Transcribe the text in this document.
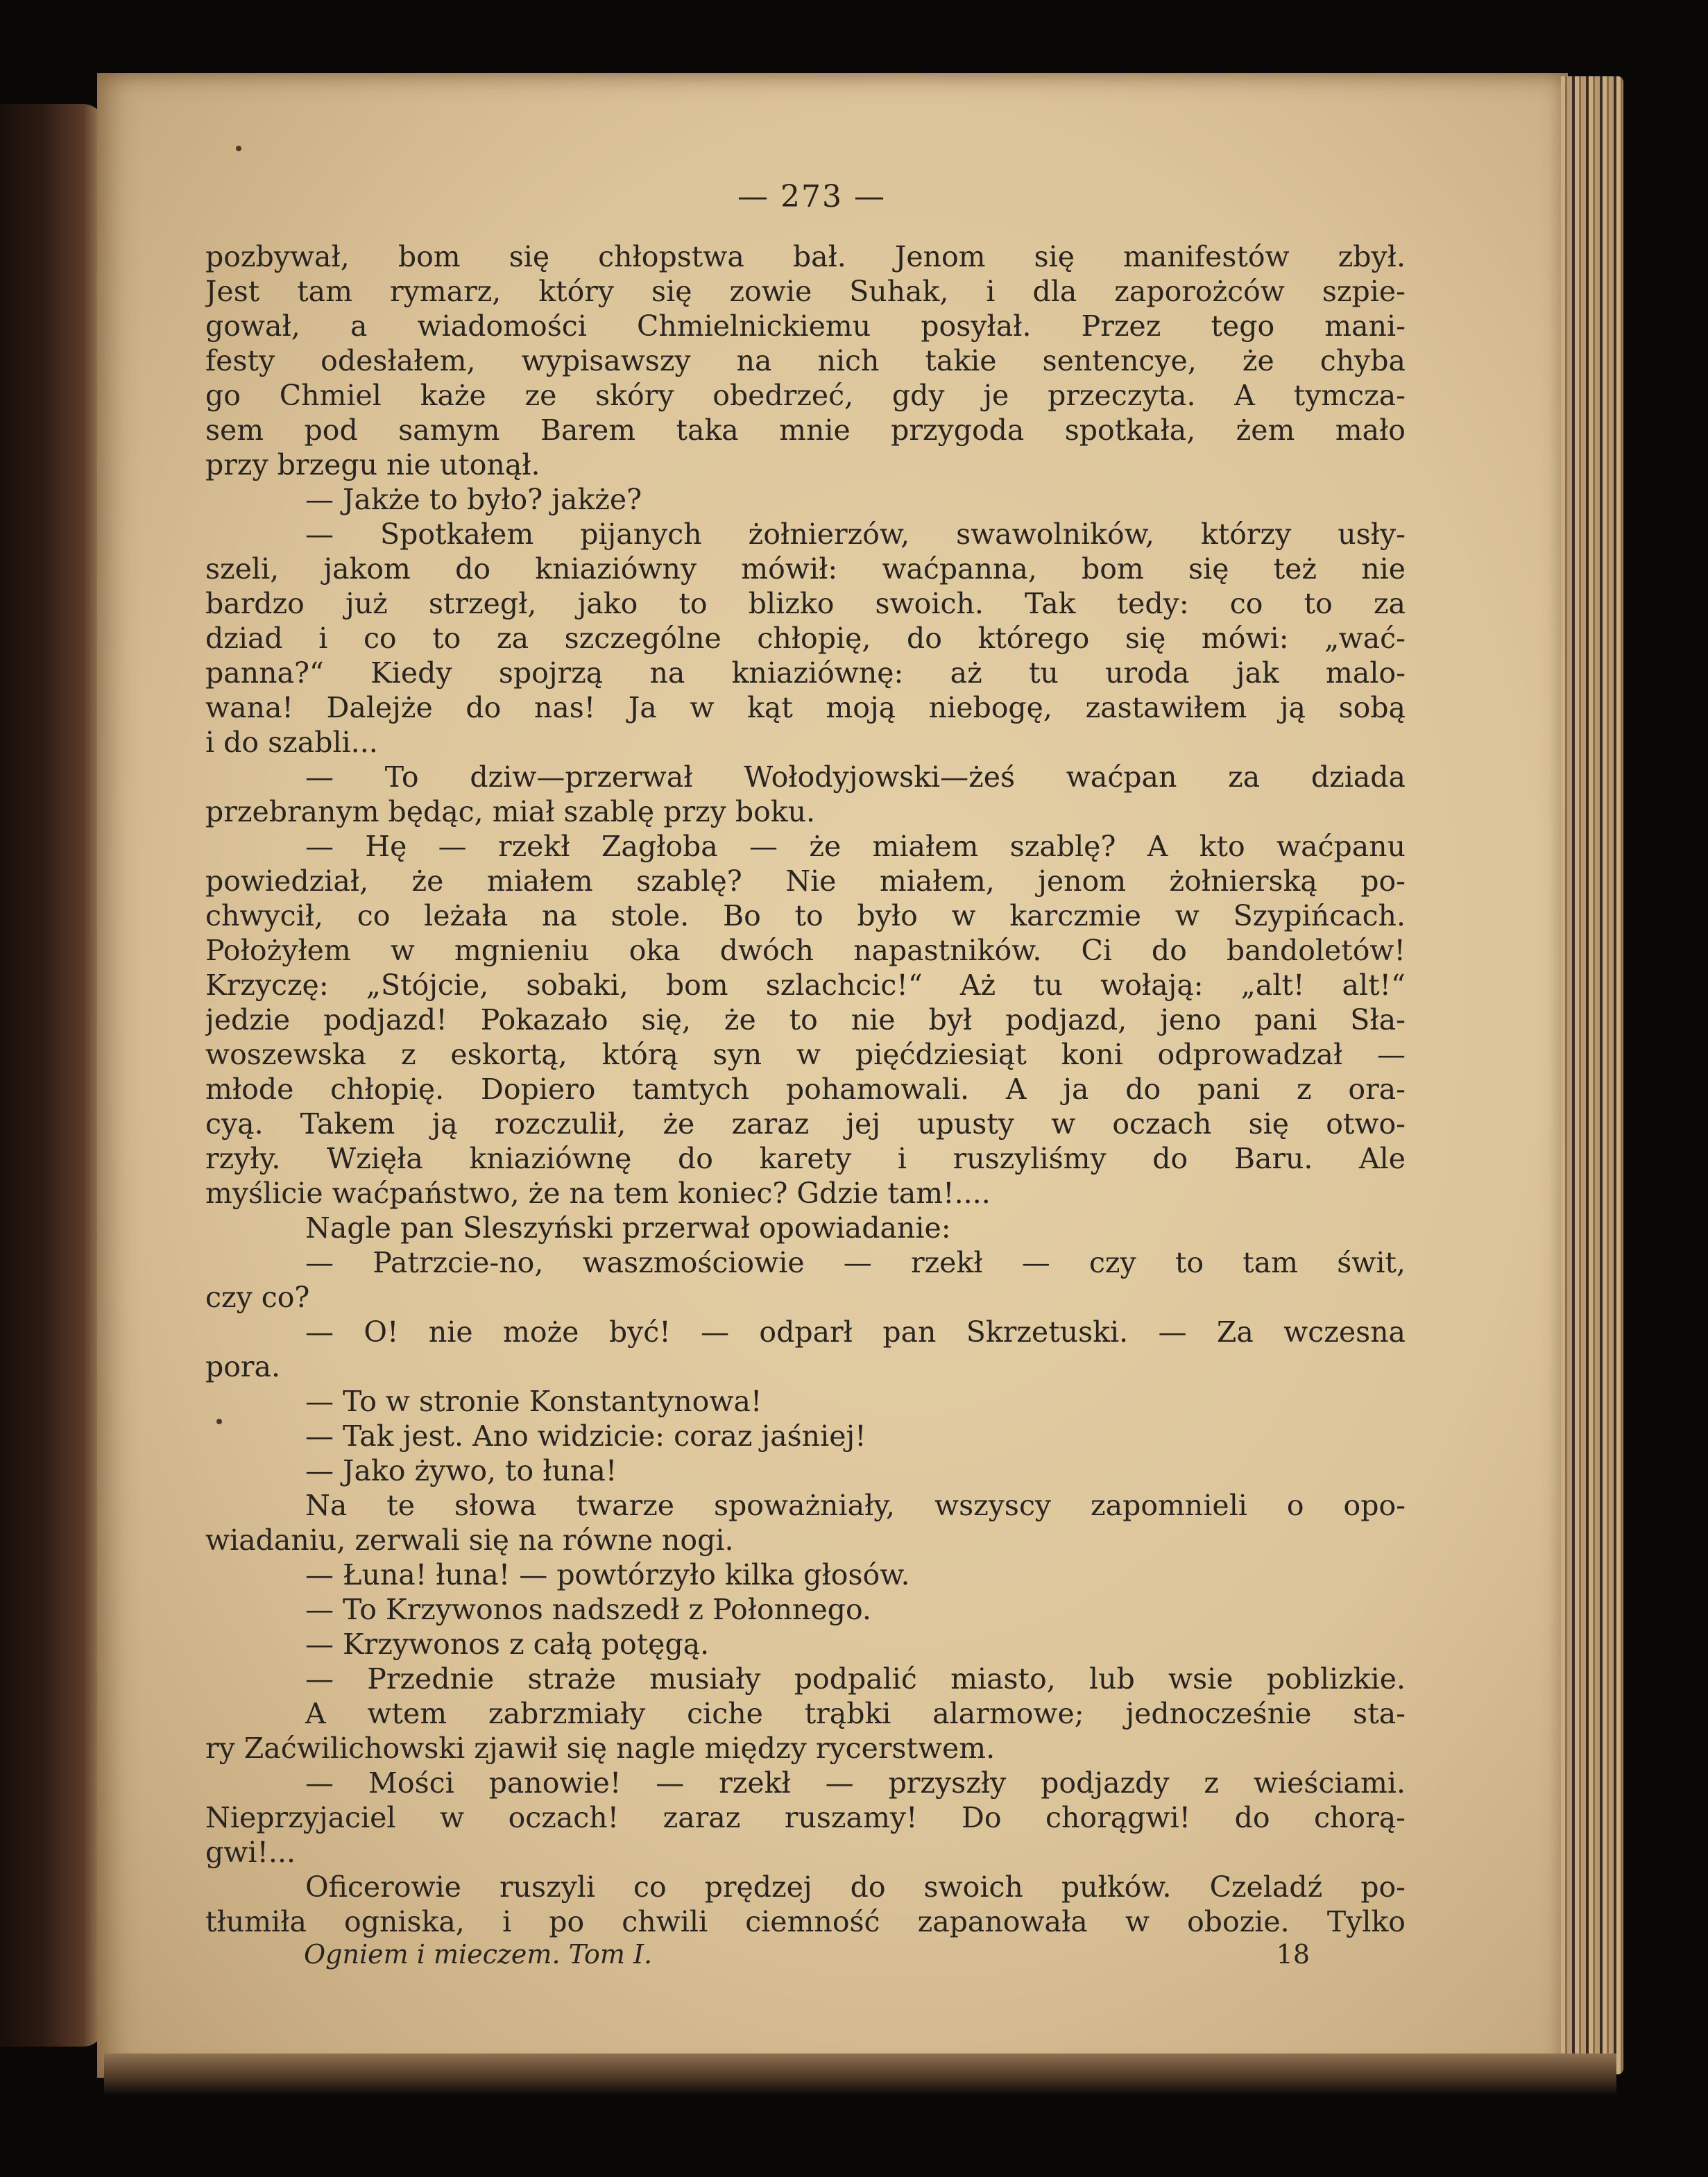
— 273 —
pozbywał, bom się chłopstwa bał. Jenom się manifestów zbył.
Jest tam rymarz, który się zowie Suhak, i dla zaporożców szpie-
gował, a wiadomości Chmielnickiemu posyłał. Przez tego mani-
festy odesłałem, wypisawszy na nich takie sentencye, że chyba
go Chmiel każe ze skóry obedrzeć, gdy je przeczyta. A tymcza-
sem pod samym Barem taka mnie przygoda spotkała, żem mało
przy brzegu nie utonął.
— Jakże to było? jakże?
— Spotkałem pijanych żołnierzów, swawolników, którzy usły-
szeli, jakom do kniaziówny mówił: waćpanna, bom się też nie
bardzo już strzegł, jako to blizko swoich. Tak tedy: co to za
dziad i co to za szczególne chłopię, do którego się mówi: „wać-
panna?“ Kiedy spojrzą na kniaziównę: aż tu uroda jak malo-
wana! Dalejże do nas! Ja w kąt moją niebogę, zastawiłem ją sobą
i do szabli...
— To dziw—przerwał Wołodyjowski—żeś waćpan za dziada
przebranym będąc, miał szablę przy boku.
— Hę — rzekł Zagłoba — że miałem szablę? A kto waćpanu
powiedział, że miałem szablę? Nie miałem, jenom żołnierską po-
chwycił, co leżała na stole. Bo to było w karczmie w Szypińcach.
Położyłem w mgnieniu oka dwóch napastników. Ci do bandoletów!
Krzyczę: „Stójcie, sobaki, bom szlachcic!“ Aż tu wołają: „alt! alt!“
jedzie podjazd! Pokazało się, że to nie był podjazd, jeno pani Sła-
woszewska z eskortą, którą syn w pięćdziesiąt koni odprowadzał —
młode chłopię. Dopiero tamtych pohamowali. A ja do pani z ora-
cyą. Takem ją rozczulił, że zaraz jej upusty w oczach się otwo-
rzyły. Wzięła kniaziównę do karety i ruszyliśmy do Baru. Ale
myślicie waćpaństwo, że na tem koniec? Gdzie tam!....
Nagle pan Sleszyński przerwał opowiadanie:
— Patrzcie-no, waszmościowie — rzekł — czy to tam świt,
czy co?
— O! nie może być! — odparł pan Skrzetuski. — Za wczesna
pora.
— To w stronie Konstantynowa!
— Tak jest. Ano widzicie: coraz jaśniej!
— Jako żywo, to łuna!
Na te słowa twarze spoważniały, wszyscy zapomnieli o opo-
wiadaniu, zerwali się na równe nogi.
— Łuna! łuna! — powtórzyło kilka głosów.
— To Krzywonos nadszedł z Połonnego.
— Krzywonos z całą potęgą.
— Przednie straże musiały podpalić miasto, lub wsie poblizkie.
A wtem zabrzmiały ciche trąbki alarmowe; jednocześnie sta-
ry Zaćwilichowski zjawił się nagle między rycerstwem.
— Mości panowie! — rzekł — przyszły podjazdy z wieściami.
Nieprzyjaciel w oczach! zaraz ruszamy! Do chorągwi! do chorą-
gwi!...
Oficerowie ruszyli co prędzej do swoich pułków. Czeladź po-
tłumiła ogniska, i po chwili ciemność zapanowała w obozie. Tylko
Ogniem i mieczem. Tom I.	18
